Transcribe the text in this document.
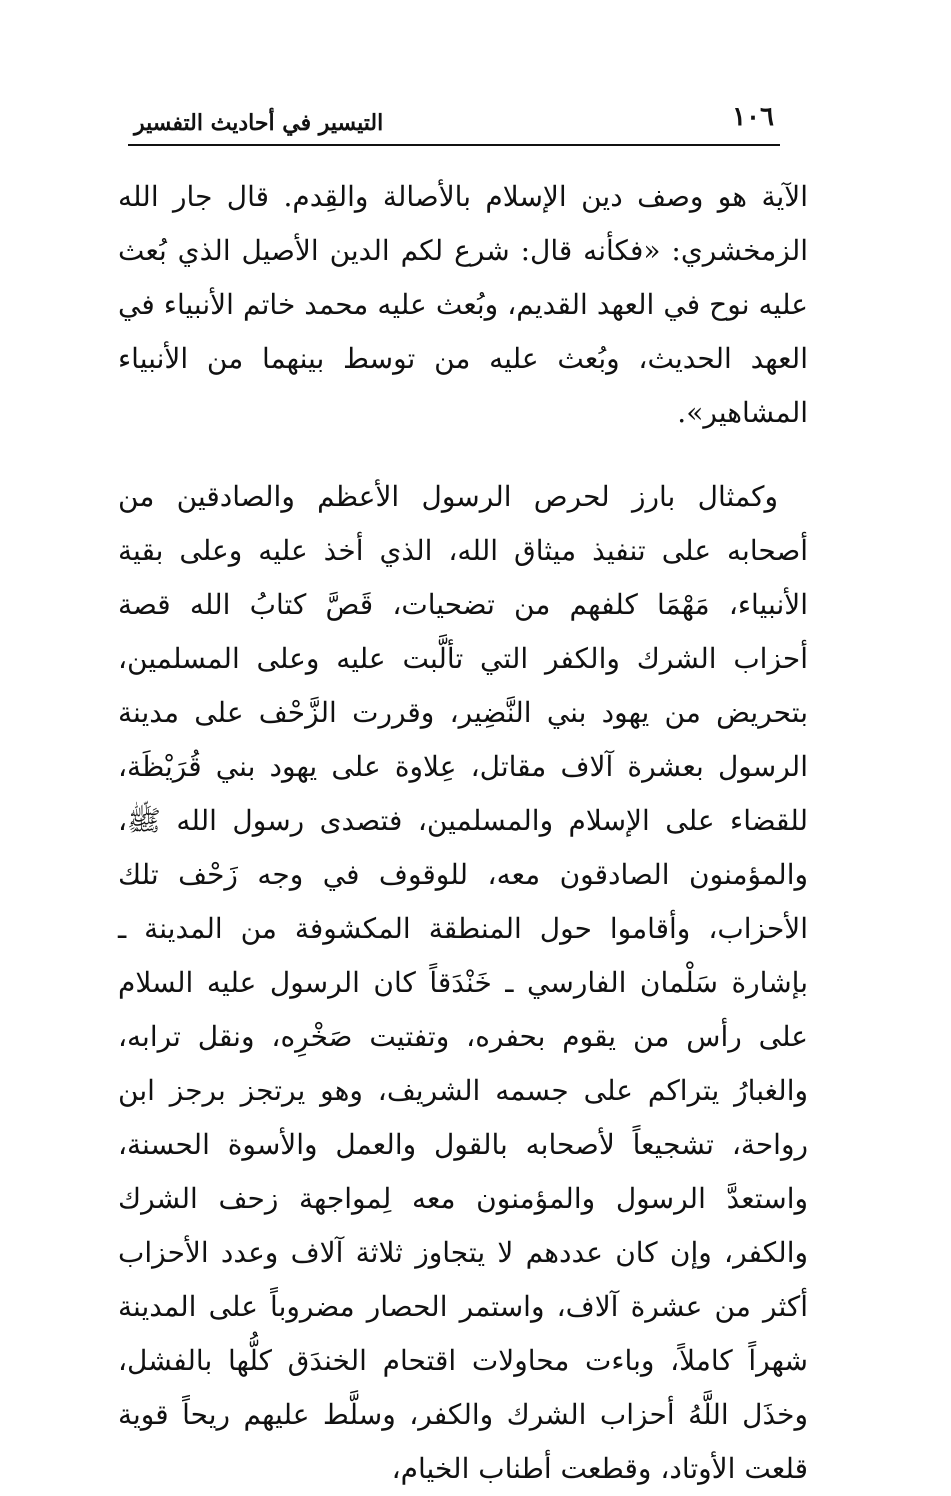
١٠٦
التيسير في أحاديث التفسير

الآية هو وصف دين الإسلام بالأصالة والقِدم. قال جار الله الزمخشري: «فكأنه قال: شرع لكم الدين الأصيل الذي بُعث عليه نوح في العهد القديم، وبُعث عليه محمد خاتم الأنبياء في العهد الحديث، وبُعث عليه من توسط بينهما من الأنبياء المشاهير».

وكمثال بارز لحرص الرسول الأعظم والصادقين من أصحابه على تنفيذ ميثاق الله، الذي أخذ عليه وعلى بقية الأنبياء، مَهْمَا كلفهم من تضحيات، قَصَّ كتابُ الله قصة أحزاب الشرك والكفر التي تألَّبت عليه وعلى المسلمين، بتحريض من يهود بني النَّضِير، وقررت الزَّحْف على مدينة الرسول بعشرة آلاف مقاتل، عِلاوة على يهود بني قُرَيْظَة، للقضاء على الإسلام والمسلمين، فتصدى رسول الله ﷺ، والمؤمنون الصادقون معه، للوقوف في وجه زَحْف تلك الأحزاب، وأقاموا حول المنطقة المكشوفة من المدينة ـ بإشارة سَلْمان الفارسي ـ خَنْدَقاً كان الرسول عليه السلام على رأس من يقوم بحفره، وتفتيت صَخْرِه، ونقل ترابه، والغبارُ يتراكم على جسمه الشريف، وهو يرتجز برجز ابن رواحة، تشجيعاً لأصحابه بالقول والعمل والأسوة الحسنة، واستعدَّ الرسول والمؤمنون معه لِمواجهة زحف الشرك والكفر، وإن كان عددهم لا يتجاوز ثلاثة آلاف وعدد الأحزاب أكثر من عشرة آلاف، واستمر الحصار مضروباً على المدينة شهراً كاملاً، وباءت محاولات اقتحام الخندَق كلُّها بالفشل، وخذَل اللَّهُ أحزاب الشرك والكفر، وسلَّط عليهم ريحاً قوية قلعت الأوتاد، وقطعت أطناب الخيام،
